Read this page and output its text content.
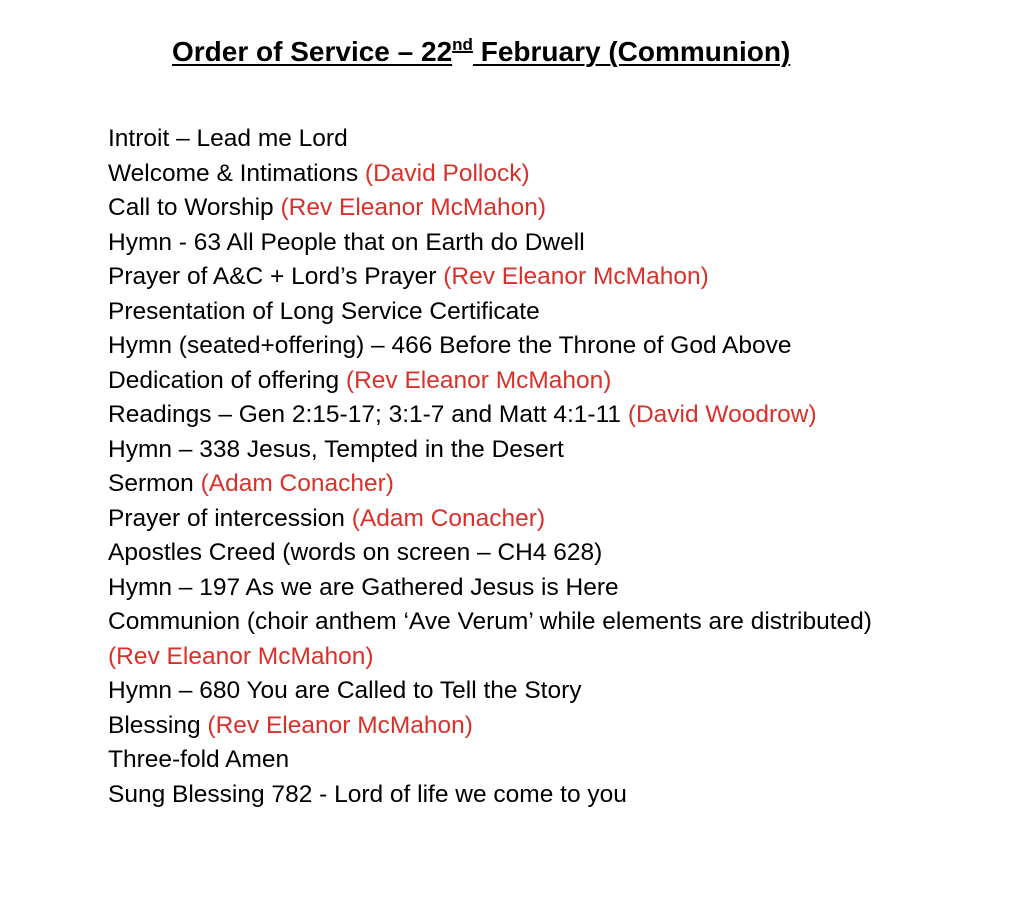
Order of Service – 22nd February (Communion)
Introit – Lead me Lord
Welcome & Intimations (David Pollock)
Call to Worship (Rev Eleanor McMahon)
Hymn - 63 All People that on Earth do Dwell
Prayer of A&C + Lord’s Prayer (Rev Eleanor McMahon)
Presentation of Long Service Certificate
Hymn (seated+offering) – 466 Before the Throne of God Above
Dedication of offering (Rev Eleanor McMahon)
Readings – Gen 2:15-17; 3:1-7 and Matt 4:1-11 (David Woodrow)
Hymn – 338 Jesus, Tempted in the Desert
Sermon (Adam Conacher)
Prayer of intercession (Adam Conacher)
Apostles Creed (words on screen – CH4 628)
Hymn – 197 As we are Gathered Jesus is Here
Communion (choir anthem ‘Ave Verum’ while elements are distributed) (Rev Eleanor McMahon)
Hymn – 680 You are Called to Tell the Story
Blessing (Rev Eleanor McMahon)
Three-fold Amen
Sung Blessing 782 - Lord of life we come to you
